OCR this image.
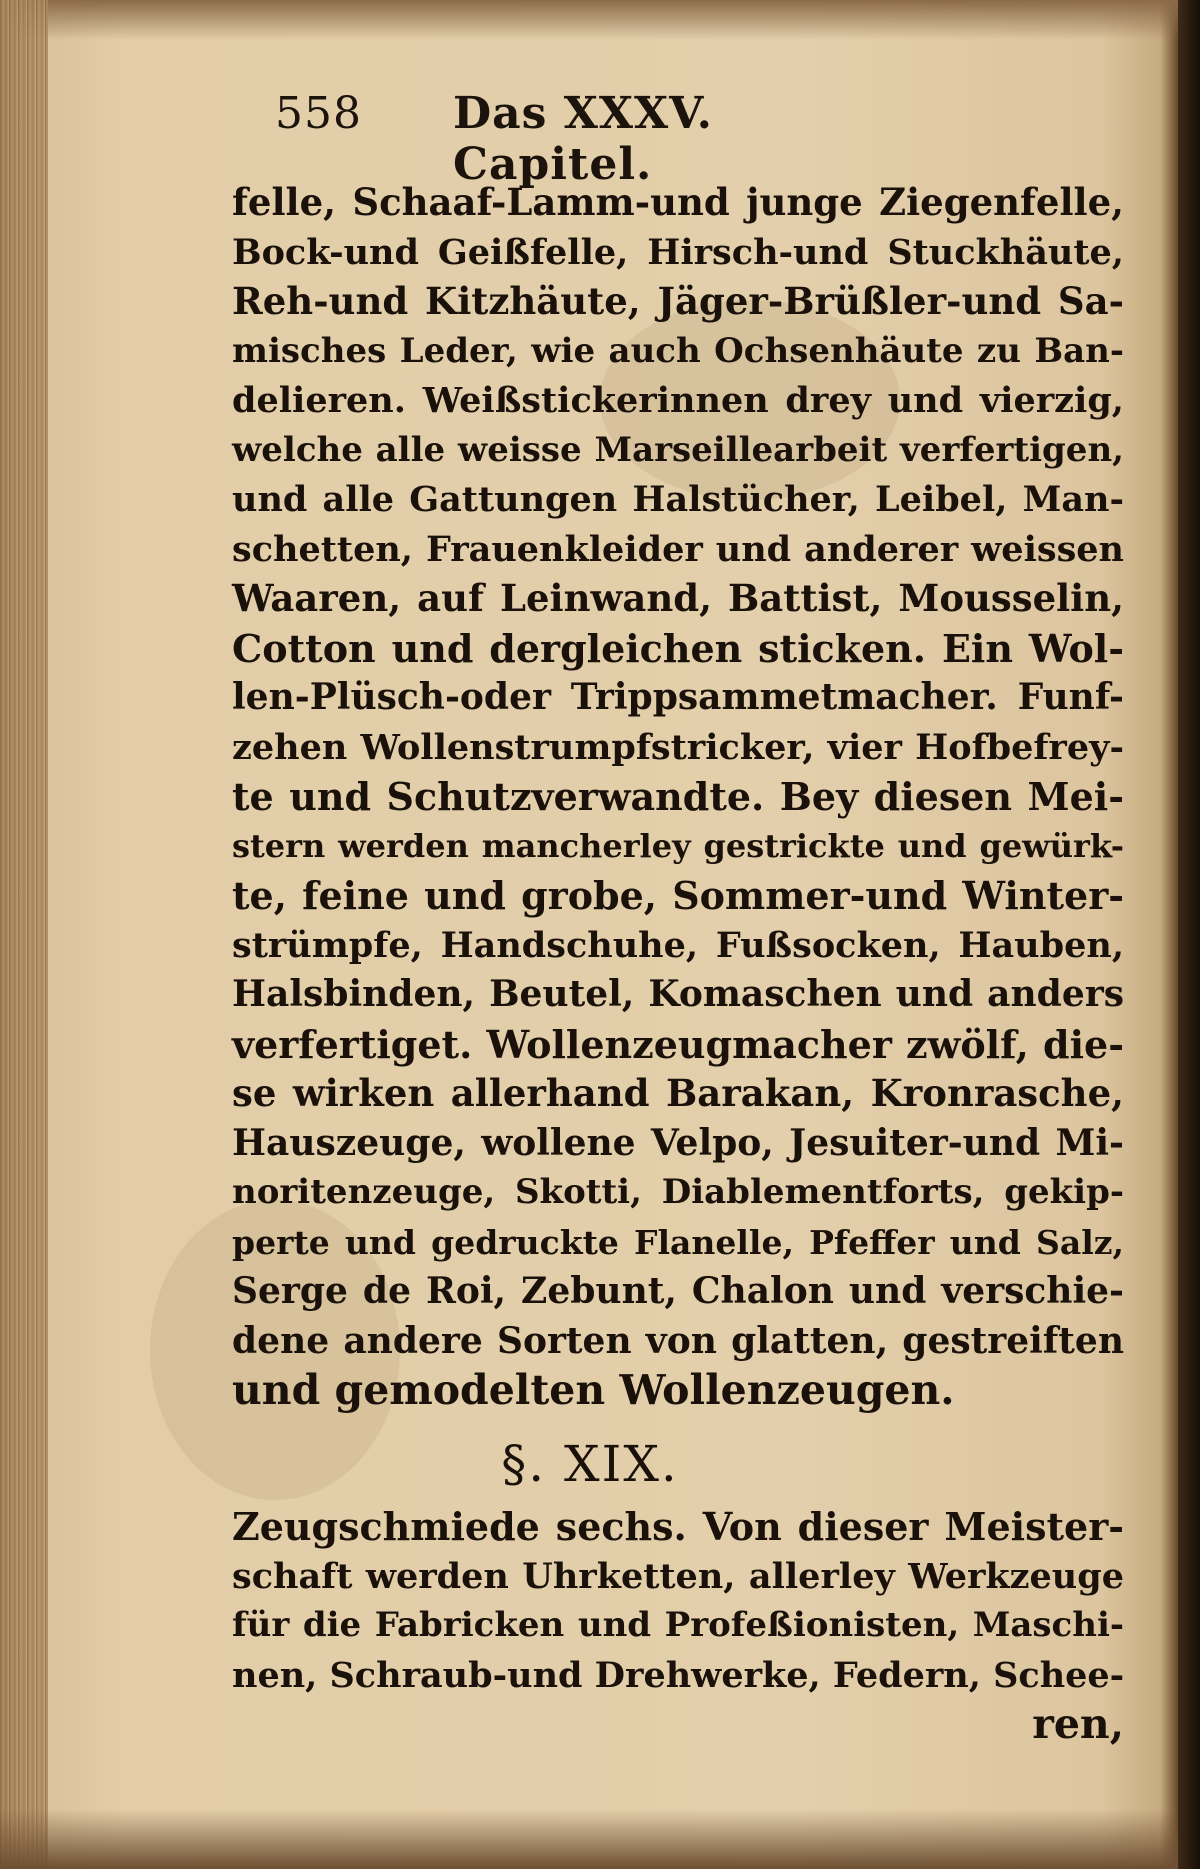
558 Das XXXV. Capitel.
felle, Schaaf-Lamm-und junge Ziegenfelle,
Bock-und Geißfelle, Hirsch-und Stuckhäute,
Reh-und Kitzhäute, Jäger-Brüßler-und Sa-
misches Leder, wie auch Ochsenhäute zu Ban-
delieren. Weißstickerinnen drey und vierzig,
welche alle weisse Marseillearbeit verfertigen,
und alle Gattungen Halstücher, Leibel, Man-
schetten, Frauenkleider und anderer weissen
Waaren, auf Leinwand, Battist, Mousselin,
Cotton und dergleichen sticken. Ein Wol-
len-Plüsch-oder Trippsammetmacher. Funf-
zehen Wollenstrumpfstricker, vier Hofbefrey-
te und Schutzverwandte. Bey diesen Mei-
stern werden mancherley gestrickte und gewürk-
te, feine und grobe, Sommer-und Winter-
strümpfe, Handschuhe, Fußsocken, Hauben,
Halsbinden, Beutel, Komaschen und anders
verfertiget. Wollenzeugmacher zwölf, die-
se wirken allerhand Barakan, Kronrasche,
Hauszeuge, wollene Velpo, Jesuiter-und Mi-
noritenzeuge, Skotti, Diablementforts, gekip-
perte und gedruckte Flanelle, Pfeffer und Salz,
Serge de Roi, Zebunt, Chalon und verschie-
dene andere Sorten von glatten, gestreiften
und gemodelten Wollenzeugen.
§. XIX.
Zeugschmiede sechs. Von dieser Meister-
schaft werden Uhrketten, allerley Werkzeuge
für die Fabricken und Profeßionisten, Maschi-
nen, Schraub-und Drehwerke, Federn, Schee-
ren,
